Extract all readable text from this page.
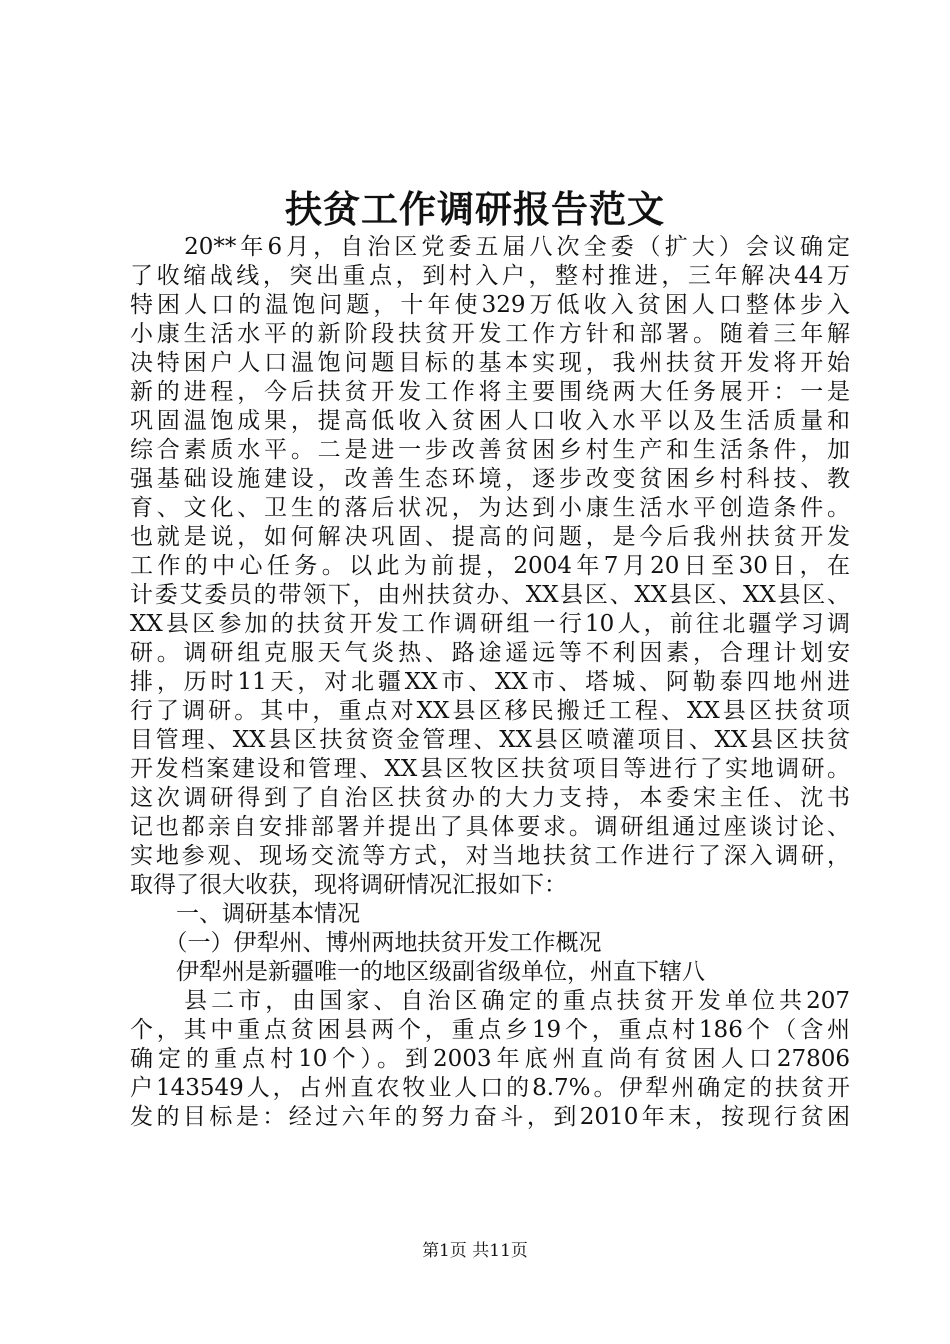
扶贫工作调研报告范文
　　20**年6月，自治区党委五届八次全委（扩大）会议确定
了收缩战线，突出重点，到村入户，整村推进，三年解决44万
特困人口的温饱问题，十年使329万低收入贫困人口整体步入
小康生活水平的新阶段扶贫开发工作方针和部署。随着三年解
决特困户人口温饱问题目标的基本实现，我州扶贫开发将开始
新的进程，今后扶贫开发工作将主要围绕两大任务展开：一是
巩固温饱成果，提高低收入贫困人口收入水平以及生活质量和
综合素质水平。二是进一步改善贫困乡村生产和生活条件，加
强基础设施建设，改善生态环境，逐步改变贫困乡村科技、教
育、文化、卫生的落后状况，为达到小康生活水平创造条件。
也就是说，如何解决巩固、提高的问题，是今后我州扶贫开发
工作的中心任务。以此为前提，2004年7月20日至30日，在
计委艾委员的带领下，由州扶贫办、XX县区、XX县区、XX县区、
XX县区参加的扶贫开发工作调研组一行10人，前往北疆学习调
研。调研组克服天气炎热、路途遥远等不利因素，合理计划安
排，历时11天，对北疆XX市、XX市、塔城、阿勒泰四地州进
行了调研。其中，重点对XX县区移民搬迁工程、XX县区扶贫项
目管理、XX县区扶贫资金管理、XX县区喷灌项目、XX县区扶贫
开发档案建设和管理、XX县区牧区扶贫项目等进行了实地调研。
这次调研得到了自治区扶贫办的大力支持，本委宋主任、沈书
记也都亲自安排部署并提出了具体要求。调研组通过座谈讨论、
实地参观、现场交流等方式，对当地扶贫工作进行了深入调研，
取得了很大收获，现将调研情况汇报如下：
　　一、调研基本情况
　　（一）伊犁州、博州两地扶贫开发工作概况
　　伊犁州是新疆唯一的地区级副省级单位，州直下辖八
　　县二市，由国家、自治区确定的重点扶贫开发单位共207
个，其中重点贫困县两个，重点乡19个，重点村186个（含州
确定的重点村10个）。到2003年底州直尚有贫困人口27806
户143549人，占州直农牧业人口的8.7%。伊犁州确定的扶贫开
发的目标是：经过六年的努力奋斗，到2010年末，按现行贫困
第1页 共11页
